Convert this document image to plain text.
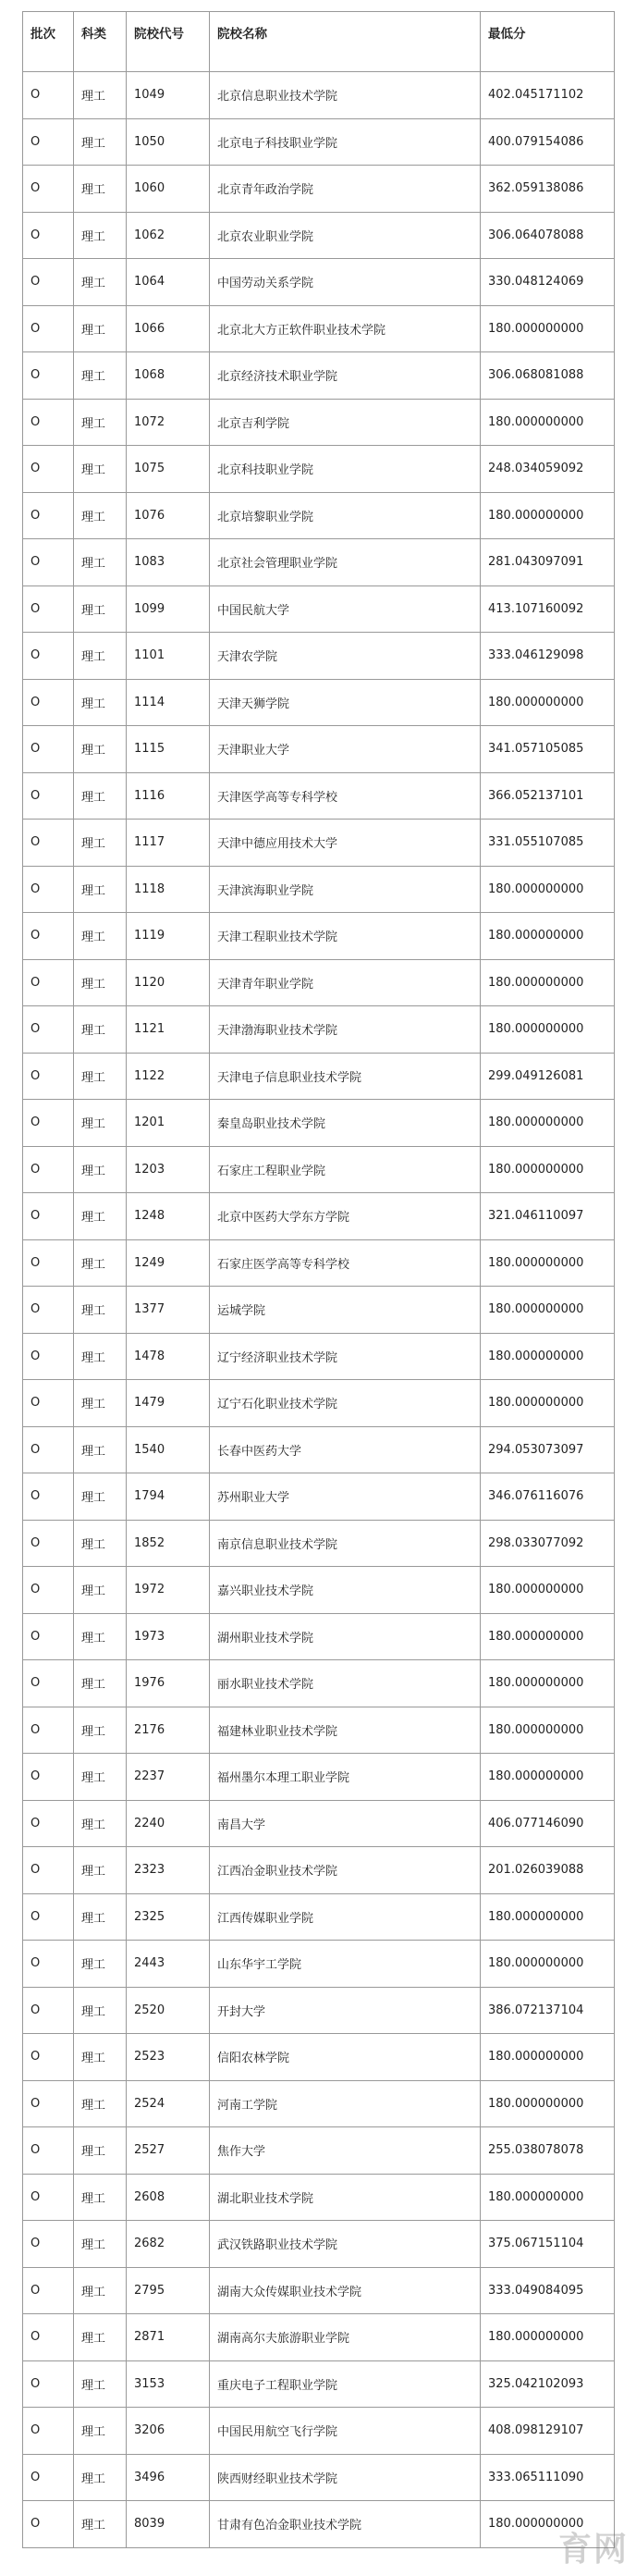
批次	科类	院校代号	院校名称	最低分
O	理工	1049	北京信息职业技术学院	402.045171102
O	理工	1050	北京电子科技职业学院	400.079154086
O	理工	1060	北京青年政治学院	362.059138086
O	理工	1062	北京农业职业学院	306.064078088
O	理工	1064	中国劳动关系学院	330.048124069
O	理工	1066	北京北大方正软件职业技术学院	180.000000000
O	理工	1068	北京经济技术职业学院	306.068081088
O	理工	1072	北京吉利学院	180.000000000
O	理工	1075	北京科技职业学院	248.034059092
O	理工	1076	北京培黎职业学院	180.000000000
O	理工	1083	北京社会管理职业学院	281.043097091
O	理工	1099	中国民航大学	413.107160092
O	理工	1101	天津农学院	333.046129098
O	理工	1114	天津天狮学院	180.000000000
O	理工	1115	天津职业大学	341.057105085
O	理工	1116	天津医学高等专科学校	366.052137101
O	理工	1117	天津中德应用技术大学	331.055107085
O	理工	1118	天津滨海职业学院	180.000000000
O	理工	1119	天津工程职业技术学院	180.000000000
O	理工	1120	天津青年职业学院	180.000000000
O	理工	1121	天津渤海职业技术学院	180.000000000
O	理工	1122	天津电子信息职业技术学院	299.049126081
O	理工	1201	秦皇岛职业技术学院	180.000000000
O	理工	1203	石家庄工程职业学院	180.000000000
O	理工	1248	北京中医药大学东方学院	321.046110097
O	理工	1249	石家庄医学高等专科学校	180.000000000
O	理工	1377	运城学院	180.000000000
O	理工	1478	辽宁经济职业技术学院	180.000000000
O	理工	1479	辽宁石化职业技术学院	180.000000000
O	理工	1540	长春中医药大学	294.053073097
O	理工	1794	苏州职业大学	346.076116076
O	理工	1852	南京信息职业技术学院	298.033077092
O	理工	1972	嘉兴职业技术学院	180.000000000
O	理工	1973	湖州职业技术学院	180.000000000
O	理工	1976	丽水职业技术学院	180.000000000
O	理工	2176	福建林业职业技术学院	180.000000000
O	理工	2237	福州墨尔本理工职业学院	180.000000000
O	理工	2240	南昌大学	406.077146090
O	理工	2323	江西冶金职业技术学院	201.026039088
O	理工	2325	江西传媒职业学院	180.000000000
O	理工	2443	山东华宇工学院	180.000000000
O	理工	2520	开封大学	386.072137104
O	理工	2523	信阳农林学院	180.000000000
O	理工	2524	河南工学院	180.000000000
O	理工	2527	焦作大学	255.038078078
O	理工	2608	湖北职业技术学院	180.000000000
O	理工	2682	武汉铁路职业技术学院	375.067151104
O	理工	2795	湖南大众传媒职业技术学院	333.049084095
O	理工	2871	湖南高尔夫旅游职业学院	180.000000000
O	理工	3153	重庆电子工程职业学院	325.042102093
O	理工	3206	中国民用航空飞行学院	408.098129107
O	理工	3496	陕西财经职业技术学院	333.065111090
O	理工	8039	甘肃有色冶金职业技术学院	180.000000000
育网
